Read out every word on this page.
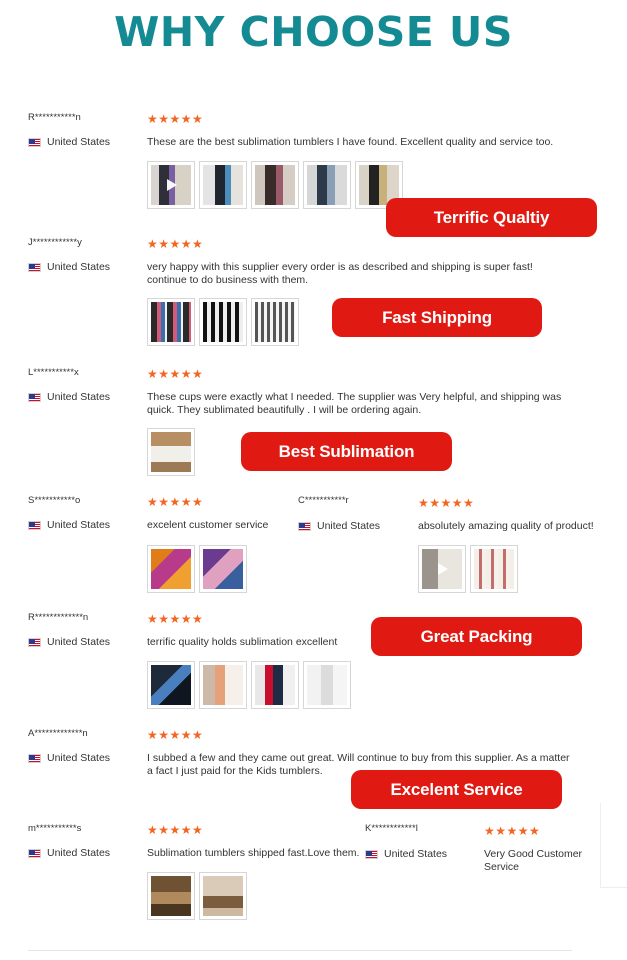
WHY CHOOSE US
R***********n	★★★★★
United States	These are the best sublimation tumblers I have found. Excellent quality and service too.
Terrific Qualtiy
J************y	★★★★★
United States	very happy with this supplier every order is as described and shipping is super fast! continue to do business with them.
Fast Shipping
L***********x	★★★★★
United States	These cups were exactly what I needed. The supplier was Very helpful, and shipping was quick. They sublimated beautifully . I will be ordering again.
Best Sublimation
S***********o	★★★★★
United States	excelent customer service
C***********r	★★★★★
United States	absolutely amazing quality of product!
R*************n	★★★★★
United States	terrific quality holds sublimation excellent	Great Packing
A*************n	★★★★★
United States	I subbed a few and they came out great. Will continue to buy from this supplier. As a matter a fact I just paid for the Kids tumblers.
Excelent Service
m***********s	★★★★★
United States	Sublimation tumblers shipped fast.Love them.
K************l	★★★★★
United States	Very Good Customer Service
